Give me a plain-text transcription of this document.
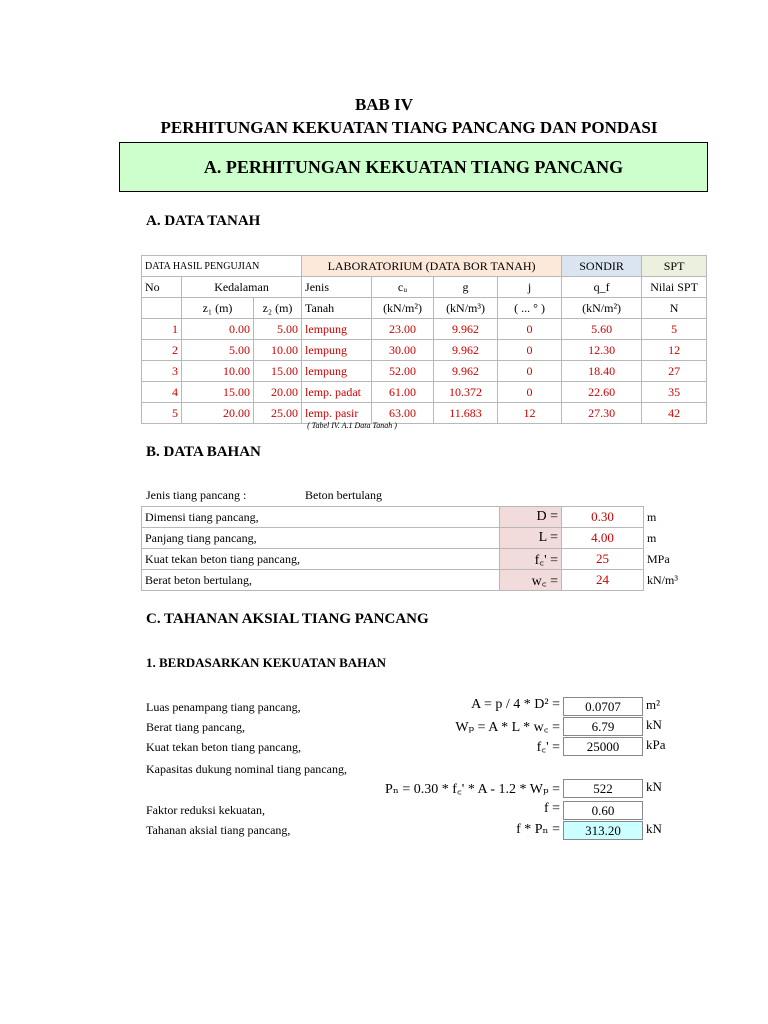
BAB IV
PERHITUNGAN KEKUATAN TIANG PANCANG DAN PONDASI
A. PERHITUNGAN KEKUATAN TIANG PANCANG
A. DATA TANAH
DATA HASIL PENGUJIAN			LABORATORIUM (DATA BOR TANAH)				SONDIR	SPT
No	Kedalaman		Jenis	cᵤ	g	j	q_f	Nilai SPT
	z₁ (m)	z₂ (m)	Tanah	(kN/m²)	(kN/m³)	( ... ° )	(kN/m²)	N
1	0.00	5.00	lempung	23.00	9.962	0	5.60	5
2	5.00	10.00	lempung	30.00	9.962	0	12.30	12
3	10.00	15.00	lempung	52.00	9.962	0	18.40	27
4	15.00	20.00	lemp. padat	61.00	10.372	0	22.60	35
5	20.00	25.00	lemp. pasir	63.00	11.683	12	27.30	42
( Tabel IV. A.1 Data Tanah )
B. DATA BAHAN
Jenis tiang pancang :	Beton bertulang
Dimensi tiang pancang,	D =	0.30	m
Panjang tiang pancang,	L =	4.00	m
Kuat tekan beton tiang pancang,	f꜀' =	25	MPa
Berat beton bertulang,	w꜀ =	24	kN/m³
C. TAHANAN AKSIAL TIANG PANCANG
1. BERDASARKAN KEKUATAN BAHAN
Luas penampang tiang pancang,	A = p / 4 * D² =	0.0707	m²
Berat tiang pancang,	Wₚ = A * L * w꜀ =	6.79	kN
Kuat tekan beton tiang pancang,	f꜀' =	25000	kPa
Kapasitas dukung nominal tiang pancang,
Pₙ = 0.30 * f꜀' * A - 1.2 * Wₚ =	522	kN
Faktor reduksi kekuatan,	f =	0.60
Tahanan aksial tiang pancang,	f * Pₙ =	313.20	kN
